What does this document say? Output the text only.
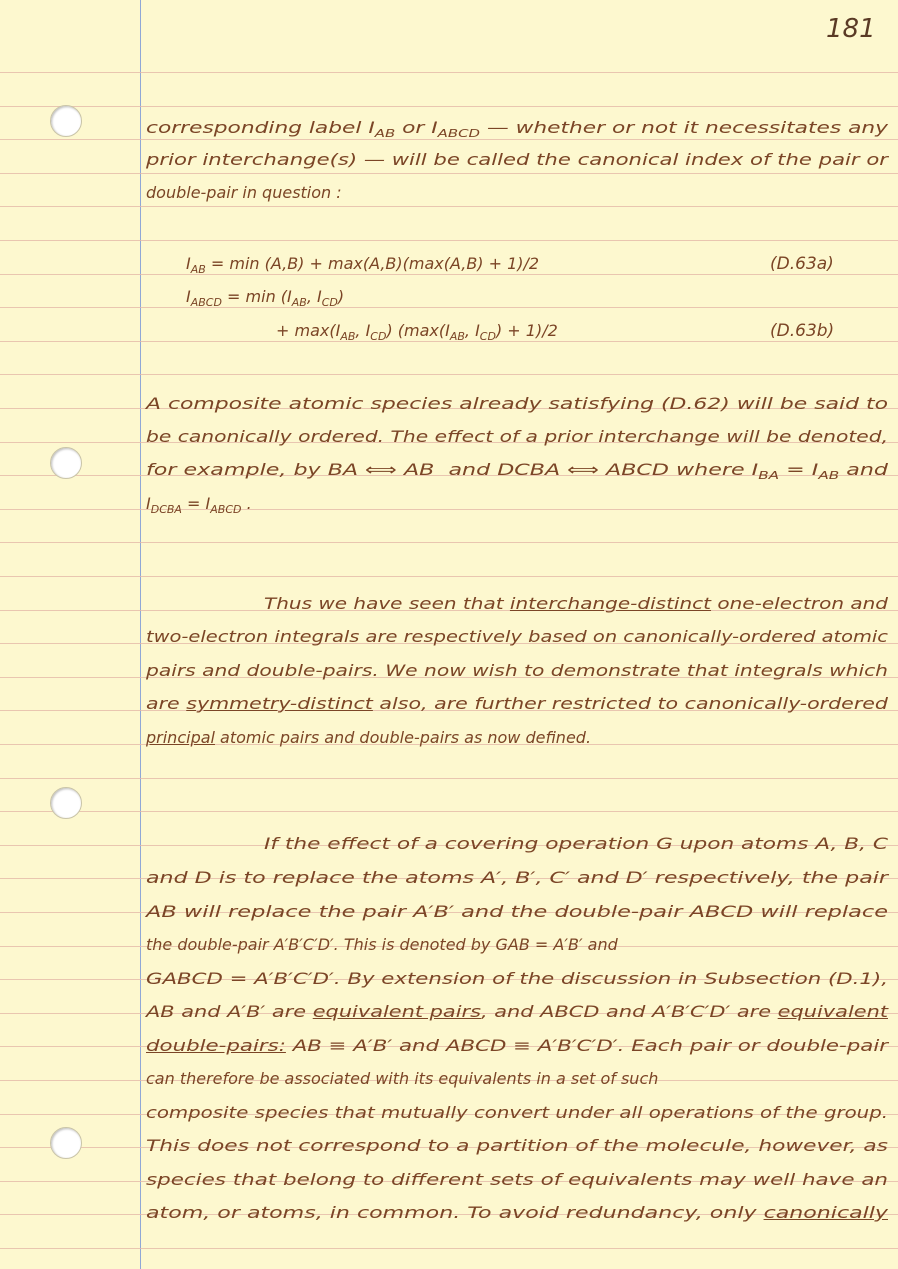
181
corresponding label $I_{AB}$ or $I_{ABCD}$ — whether or not it necessitates any
prior interchange(s) — will be called the canonical index of the pair or
double-pair in question :
$I_{AB} = \min (A,B) + \max(A,B)(\max(A,B) + 1)/2$
$I_{ABCD} = \min (I_{AB}$, $I_{CD}$)
+ $\max(I_{AB}$, $I_{CD}$) ($\max(I_{AB}$, $I_{CD}) + 1)/2$
A composite atomic species already satisfying (D.62) will be said to
be canonically ordered. The effect of a prior interchange will be denoted,
for example, by BA ⟺ AB  and DCBA ⟺ ABCD where $I_{BA} = I_{AB}$ and
$I_{DCBA} = I_{ABCD}$ .
Thus we have seen that interchange-distinct one-electron and
two-electron integrals are respectively based on canonically-ordered atomic
pairs and double-pairs. We now wish to demonstrate that integrals which
are symmetry-distinct also, are further restricted to canonically-ordered
principal atomic pairs and double-pairs as now defined.
If the effect of a covering operation G upon atoms A, B, C
and D is to replace the atoms A′, B′, C′ and D′ respectively, the pair
AB will replace the pair A′B′ and the double-pair ABCD will replace
the double-pair A′B′C′D′. This is denoted by GAB = A′B′ and
GABCD = A′B′C′D′. By extension of the discussion in Subsection (D.1),
AB and A′B′ are equivalent pairs, and ABCD and A′B′C′D′ are equivalent
double-pairs: AB ≡ A′B′ and ABCD ≡ A′B′C′D′. Each pair or double-pair
can therefore be associated with its equivalents in a set of such
composite species that mutually convert under all operations of the group.
This does not correspond to a partition of the molecule, however, as
species that belong to different sets of equivalents may well have an
atom, or atoms, in common. To avoid redundancy, only canonically
(D.63a)
(D.63b)
